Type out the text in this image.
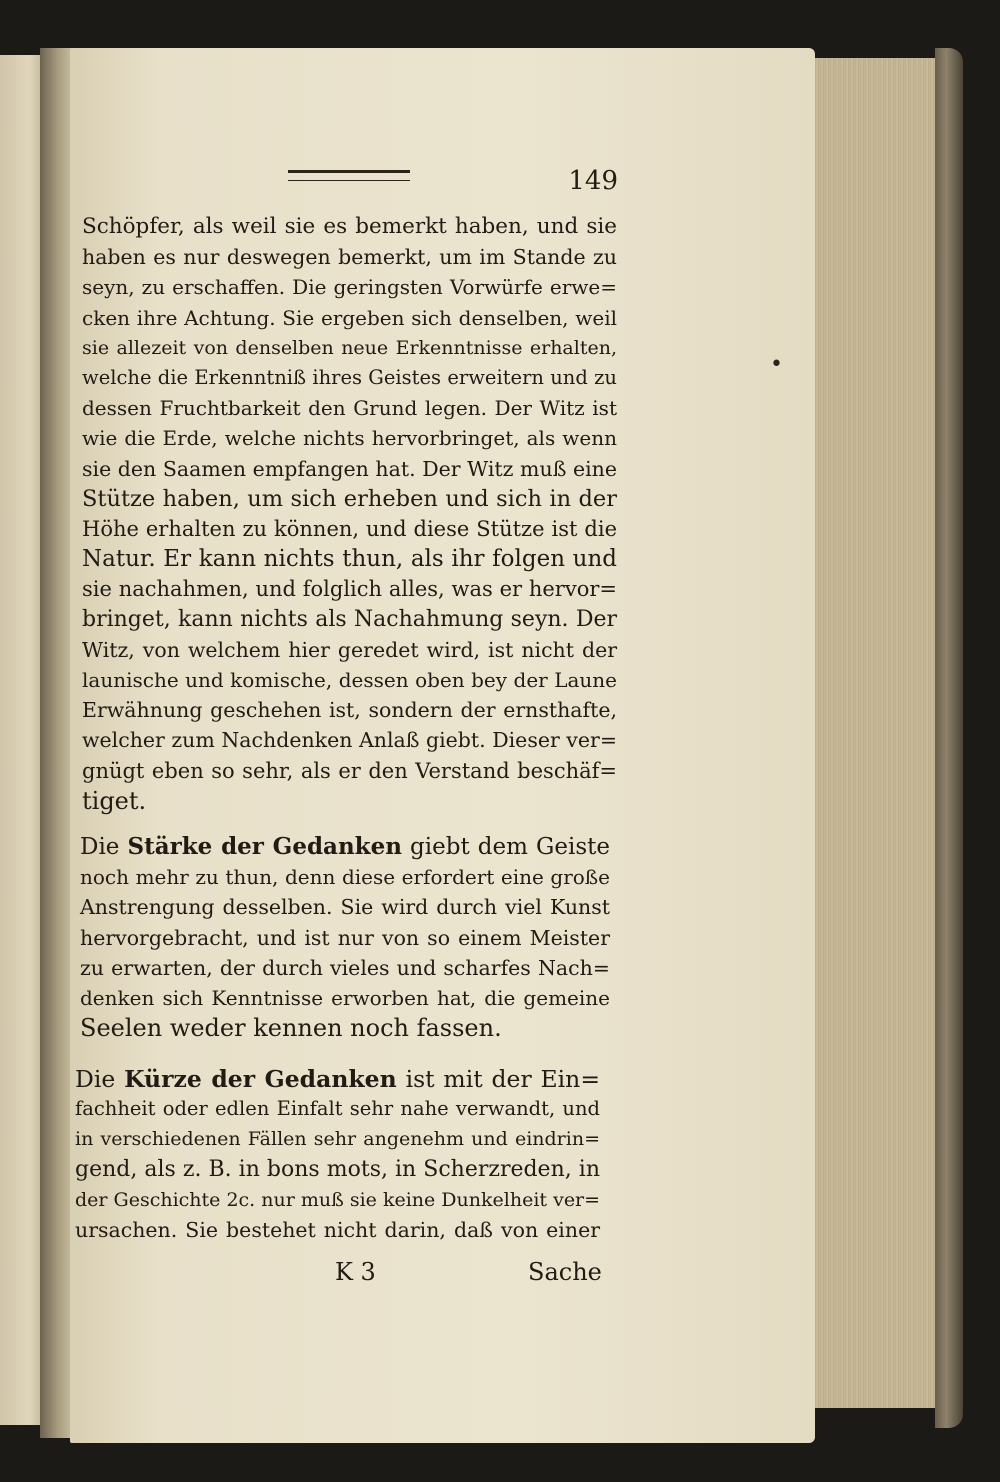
149
Schöpfer, als weil sie es bemerkt haben, und sie
haben es nur deswegen bemerkt, um im Stande zu
seyn, zu erschaffen. Die geringsten Vorwürfe erwe=
cken ihre Achtung. Sie ergeben sich denselben, weil
sie allezeit von denselben neue Erkenntnisse erhalten,
welche die Erkenntniß ihres Geistes erweitern und zu
dessen Fruchtbarkeit den Grund legen. Der Witz ist
wie die Erde, welche nichts hervorbringet, als wenn
sie den Saamen empfangen hat. Der Witz muß eine
Stütze haben, um sich erheben und sich in der
Höhe erhalten zu können, und diese Stütze ist die
Natur. Er kann nichts thun, als ihr folgen und
sie nachahmen, und folglich alles, was er hervor=
bringet, kann nichts als Nachahmung seyn. Der
Witz, von welchem hier geredet wird, ist nicht der
launische und komische, dessen oben bey der Laune
Erwähnung geschehen ist, sondern der ernsthafte,
welcher zum Nachdenken Anlaß giebt. Dieser ver=
gnügt eben so sehr, als er den Verstand beschäf=
tiget.
Die Stärke der Gedanken giebt dem Geiste
noch mehr zu thun, denn diese erfordert eine große
Anstrengung desselben. Sie wird durch viel Kunst
hervorgebracht, und ist nur von so einem Meister
zu erwarten, der durch vieles und scharfes Nach=
denken sich Kenntnisse erworben hat, die gemeine
Seelen weder kennen noch fassen.
Die Kürze der Gedanken ist mit der Ein=
fachheit oder edlen Einfalt sehr nahe verwandt, und
in verschiedenen Fällen sehr angenehm und eindrin=
gend, als z. B. in bons mots, in Scherzreden, in
der Geschichte 2c. nur muß sie keine Dunkelheit ver=
ursachen. Sie bestehet nicht darin, daß von einer
K 3	Sache
•
